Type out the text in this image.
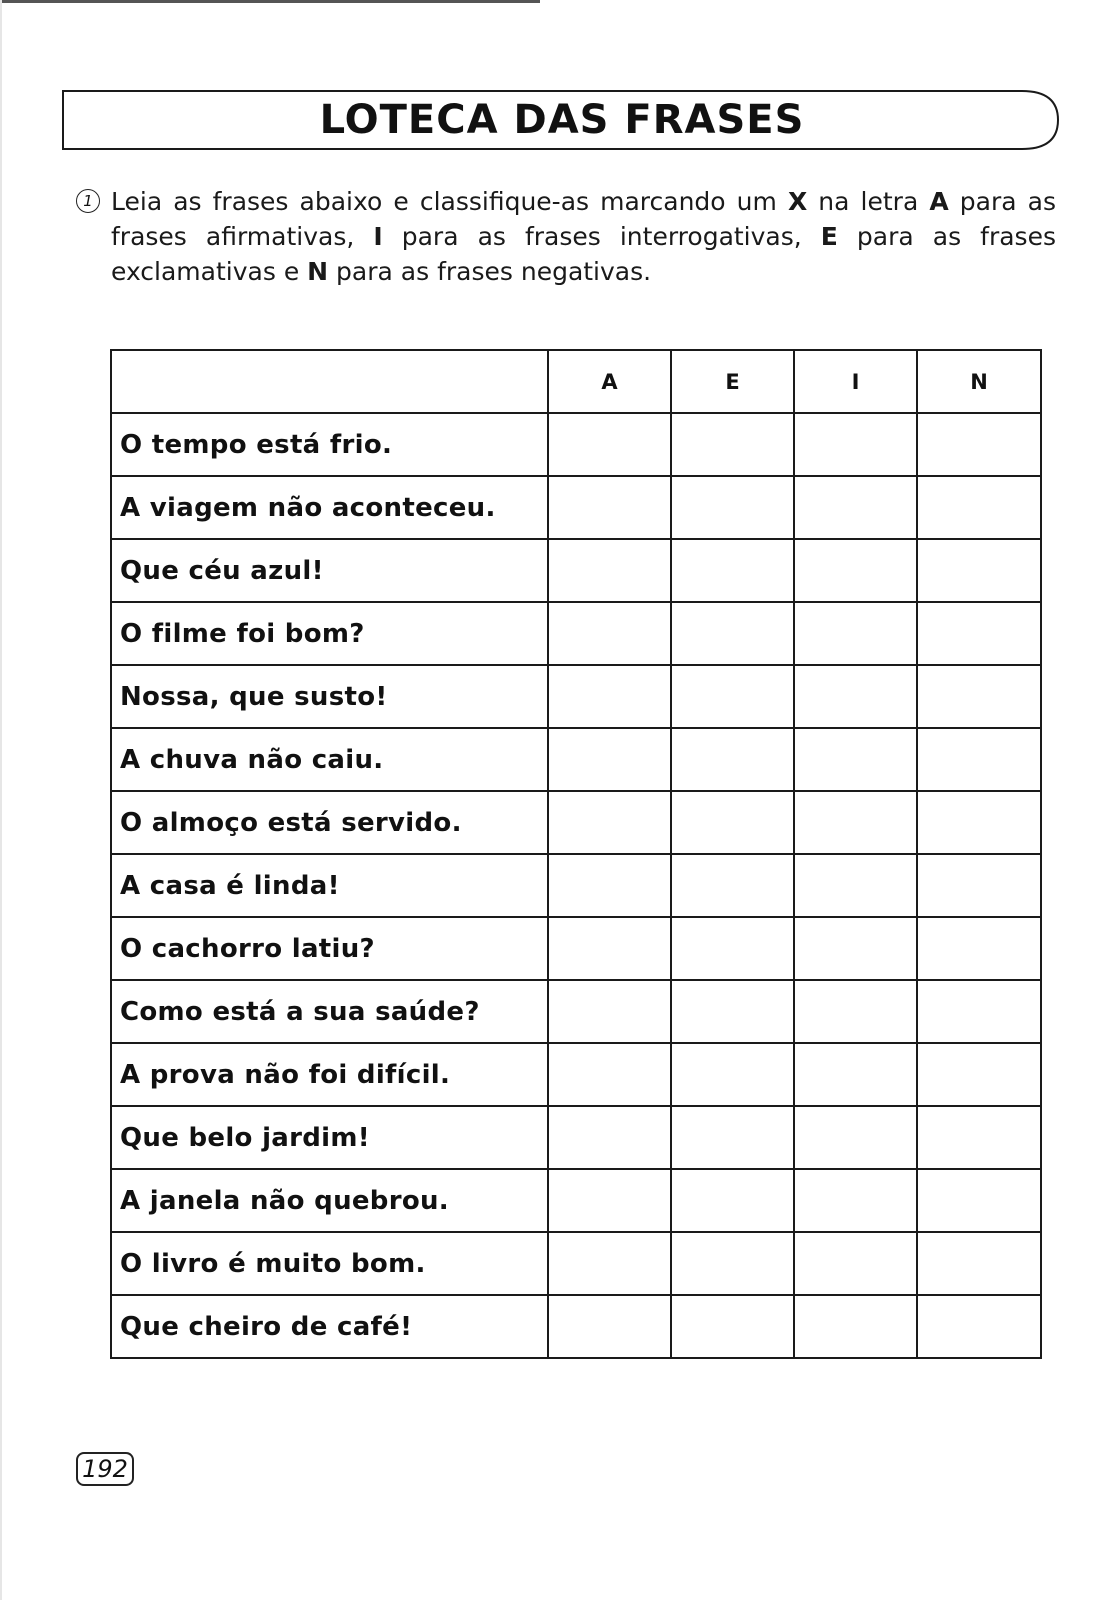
LOTECA DAS FRASES
1 Leia as frases abaixo e classifique-as marcando um X na letra A para as frases afirmativas, I para as frases interrogativas, E para as frases exclamativas e N para as frases negativas.
	A	E	I	N
O tempo está frio.				
A viagem não aconteceu.				
Que céu azul!				
O filme foi bom?				
Nossa, que susto!				
A chuva não caiu.				
O almoço está servido.				
A casa é linda!				
O cachorro latiu?				
Como está a sua saúde?				
A prova não foi difícil.				
Que belo jardim!				
A janela não quebrou.				
O livro é muito bom.				
Que cheiro de café!				
192
